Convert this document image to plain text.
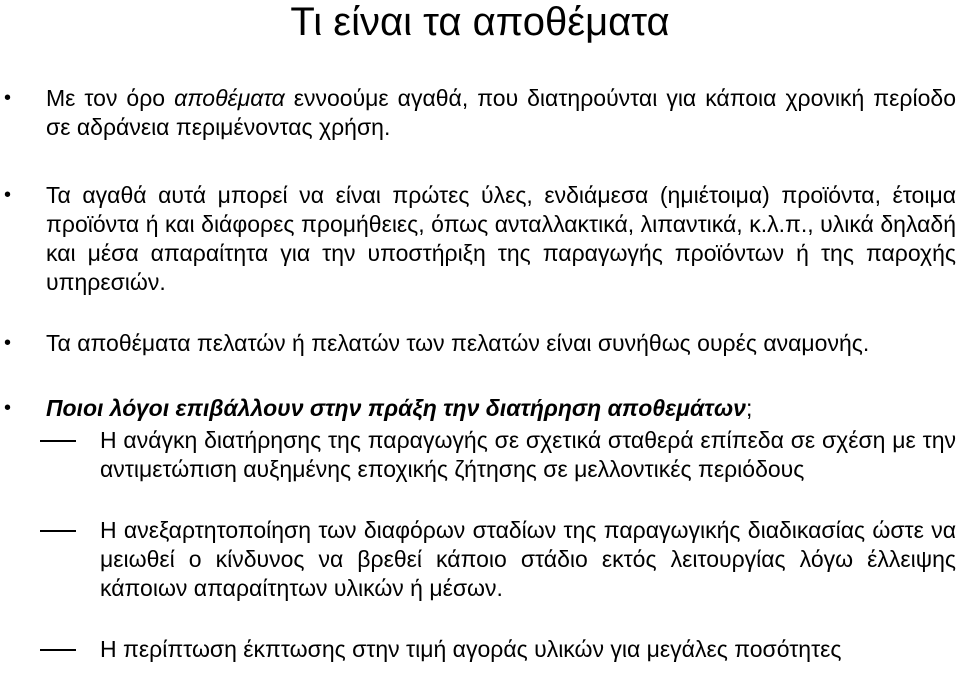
Τι είναι τα αποθέματα
• Με τον όρο αποθέματα εννοούμε αγαθά, που διατηρούνται για κάποια χρονική περίοδο σε αδράνεια περιμένοντας χρήση.
• Τα αγαθά αυτά μπορεί να είναι πρώτες ύλες, ενδιάμεσα (ημιέτοιμα) προϊόντα, έτοιμα προϊόντα ή και διάφορες προμήθειες, όπως ανταλλακτικά, λιπαντικά, κ.λ.π., υλικά δηλαδή και μέσα απαραίτητα για την υποστήριξη της παραγωγής προϊόντων ή της παροχής υπηρεσιών.
• Τα αποθέματα πελατών ή πελατών των πελατών είναι συνήθως ουρές αναμονής.
• Ποιοι λόγοι επιβάλλουν στην πράξη την διατήρηση αποθεμάτων;
Η ανάγκη διατήρησης της παραγωγής σε σχετικά σταθερά επίπεδα σε σχέση με την αντιμετώπιση αυξημένης εποχικής ζήτησης σε μελλοντικές περιόδους
Η ανεξαρτητοποίηση των διαφόρων σταδίων της παραγωγικής διαδικασίας ώστε να μειωθεί ο κίνδυνος να βρεθεί κάποιο στάδιο εκτός λειτουργίας λόγω έλλειψης κάποιων απαραίτητων υλικών ή μέσων.
Η περίπτωση έκπτωσης στην τιμή αγοράς υλικών για μεγάλες ποσότητες
